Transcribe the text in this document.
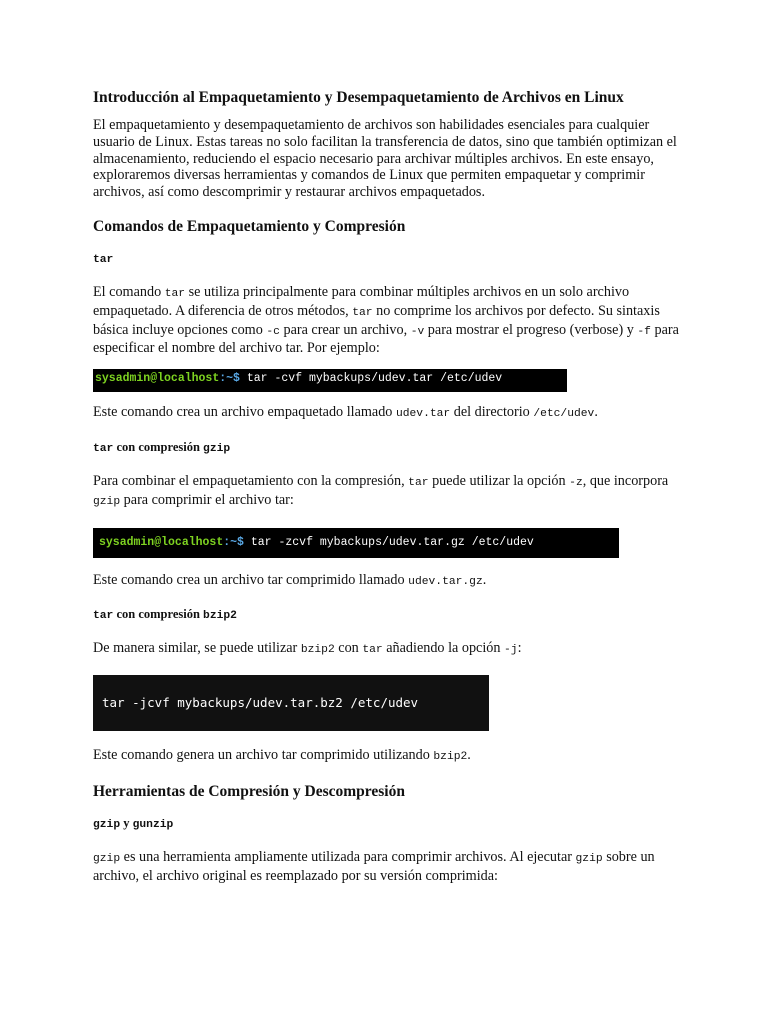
Introducción al Empaquetamiento y Desempaquetamiento de Archivos en Linux

El empaquetamiento y desempaquetamiento de archivos son habilidades esenciales para cualquier usuario de Linux. Estas tareas no solo facilitan la transferencia de datos, sino que también optimizan el almacenamiento, reduciendo el espacio necesario para archivar múltiples archivos. En este ensayo, exploraremos diversas herramientas y comandos de Linux que permiten empaquetar y comprimir archivos, así como descomprimir y restaurar archivos empaquetados.

Comandos de Empaquetamiento y Compresión
tar

El comando tar se utiliza principalmente para combinar múltiples archivos en un solo archivo empaquetado. A diferencia de otros métodos, tar no comprime los archivos por defecto. Su sintaxis básica incluye opciones como -c para crear un archivo, -v para mostrar el progreso (verbose) y -f para especificar el nombre del archivo tar. Por ejemplo:

sysadmin@localhost:~$ tar -cvf mybackups/udev.tar /etc/udev

Este comando crea un archivo empaquetado llamado udev.tar del directorio /etc/udev.

tar con compresión gzip

Para combinar el empaquetamiento con la compresión, tar puede utilizar la opción -z, que incorpora gzip para comprimir el archivo tar:

sysadmin@localhost:~$ tar -zcvf mybackups/udev.tar.gz /etc/udev

Este comando crea un archivo tar comprimido llamado udev.tar.gz.

tar con compresión bzip2

De manera similar, se puede utilizar bzip2 con tar añadiendo la opción -j:

tar -jcvf mybackups/udev.tar.bz2 /etc/udev

Este comando genera un archivo tar comprimido utilizando bzip2.

Herramientas de Compresión y Descompresión
gzip y gunzip

gzip es una herramienta ampliamente utilizada para comprimir archivos. Al ejecutar gzip sobre un archivo, el archivo original es reemplazado por su versión comprimida:
